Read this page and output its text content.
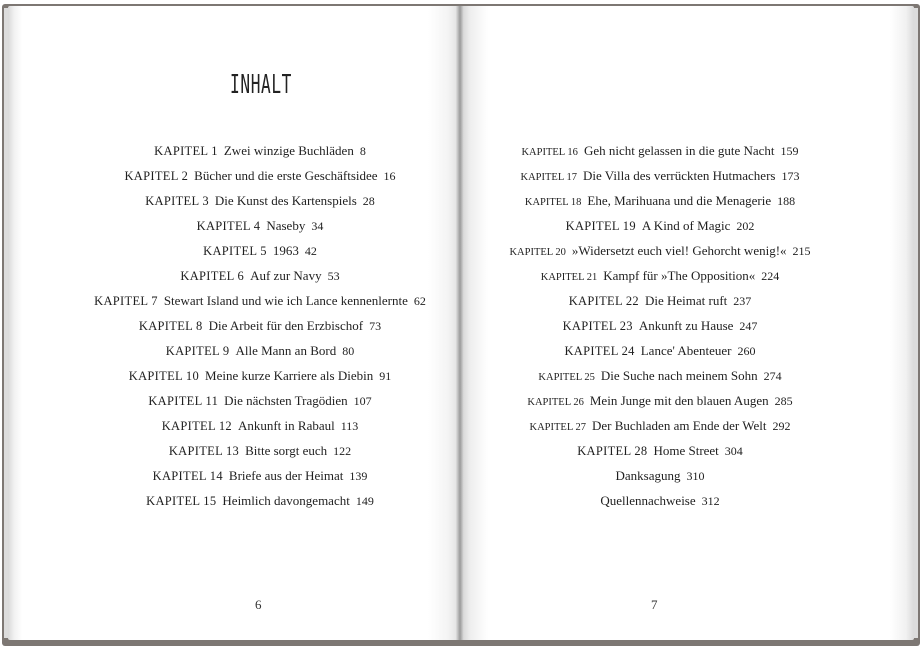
INHALT
KAPITEL 1 Zwei winzige Buchläden 8
KAPITEL 2 Bücher und die erste Geschäftsidee 16
KAPITEL 3 Die Kunst des Kartenspiels 28
KAPITEL 4 Naseby 34
KAPITEL 5 1963 42
KAPITEL 6 Auf zur Navy 53
KAPITEL 7 Stewart Island und wie ich Lance kennenlernte 62
KAPITEL 8 Die Arbeit für den Erzbischof 73
KAPITEL 9 Alle Mann an Bord 80
KAPITEL 10 Meine kurze Karriere als Diebin 91
KAPITEL 11 Die nächsten Tragödien 107
KAPITEL 12 Ankunft in Rabaul 113
KAPITEL 13 Bitte sorgt euch 122
KAPITEL 14 Briefe aus der Heimat 139
KAPITEL 15 Heimlich davongemacht 149
KAPITEL 16 Geh nicht gelassen in die gute Nacht 159
KAPITEL 17 Die Villa des verrückten Hutmachers 173
KAPITEL 18 Ehe, Marihuana und die Menagerie 188
KAPITEL 19 A Kind of Magic 202
KAPITEL 20 »Widersetzt euch viel! Gehorcht wenig!« 215
KAPITEL 21 Kampf für »The Opposition« 224
KAPITEL 22 Die Heimat ruft 237
KAPITEL 23 Ankunft zu Hause 247
KAPITEL 24 Lance' Abenteuer 260
KAPITEL 25 Die Suche nach meinem Sohn 274
KAPITEL 26 Mein Junge mit den blauen Augen 285
KAPITEL 27 Der Buchladen am Ende der Welt 292
KAPITEL 28 Home Street 304
Danksagung 310
Quellennachweise 312
6	7
